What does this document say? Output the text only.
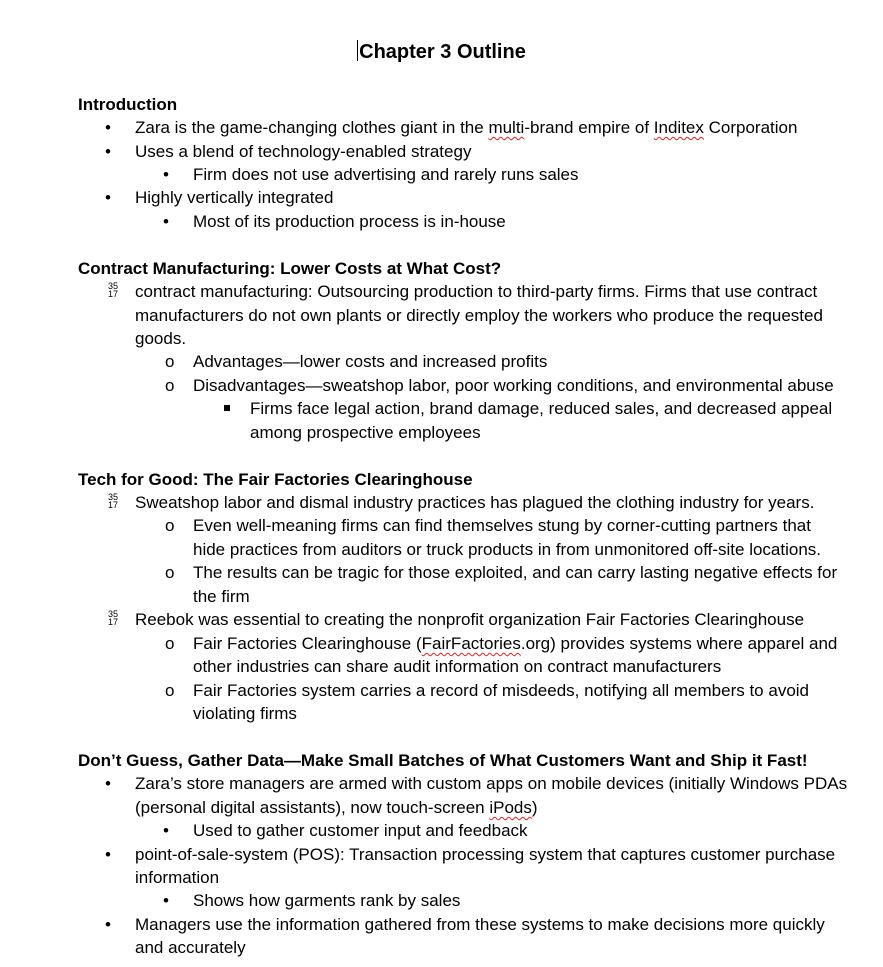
Chapter 3 Outline
Introduction
• Zara is the game-changing clothes giant in the multi-brand empire of Inditex Corporation
• Uses a blend of technology-enabled strategy
• Firm does not use advertising and rarely runs sales
• Highly vertically integrated
• Most of its production process is in-house
Contract Manufacturing: Lower Costs at What Cost?
35
17 contract manufacturing: Outsourcing production to third-party firms. Firms that use contract
manufacturers do not own plants or directly employ the workers who produce the requested
goods.
o Advantages—lower costs and increased profits
o Disadvantages—sweatshop labor, poor working conditions, and environmental abuse
Firms face legal action, brand damage, reduced sales, and decreased appeal
among prospective employees
Tech for Good: The Fair Factories Clearinghouse
35
17 Sweatshop labor and dismal industry practices has plagued the clothing industry for years.
o Even well-meaning firms can find themselves stung by corner-cutting partners that
hide practices from auditors or truck products in from unmonitored off-site locations.
o The results can be tragic for those exploited, and can carry lasting negative effects for
the firm
35
17 Reebok was essential to creating the nonprofit organization Fair Factories Clearinghouse
o Fair Factories Clearinghouse (FairFactories.org) provides systems where apparel and
other industries can share audit information on contract manufacturers
o Fair Factories system carries a record of misdeeds, notifying all members to avoid
violating firms
Don’t Guess, Gather Data—Make Small Batches of What Customers Want and Ship it Fast!
• Zara’s store managers are armed with custom apps on mobile devices (initially Windows PDAs
(personal digital assistants), now touch-screen iPods)
• Used to gather customer input and feedback
• point-of-sale-system (POS): Transaction processing system that captures customer purchase
information
• Shows how garments rank by sales
• Managers use the information gathered from these systems to make decisions more quickly
and accurately
